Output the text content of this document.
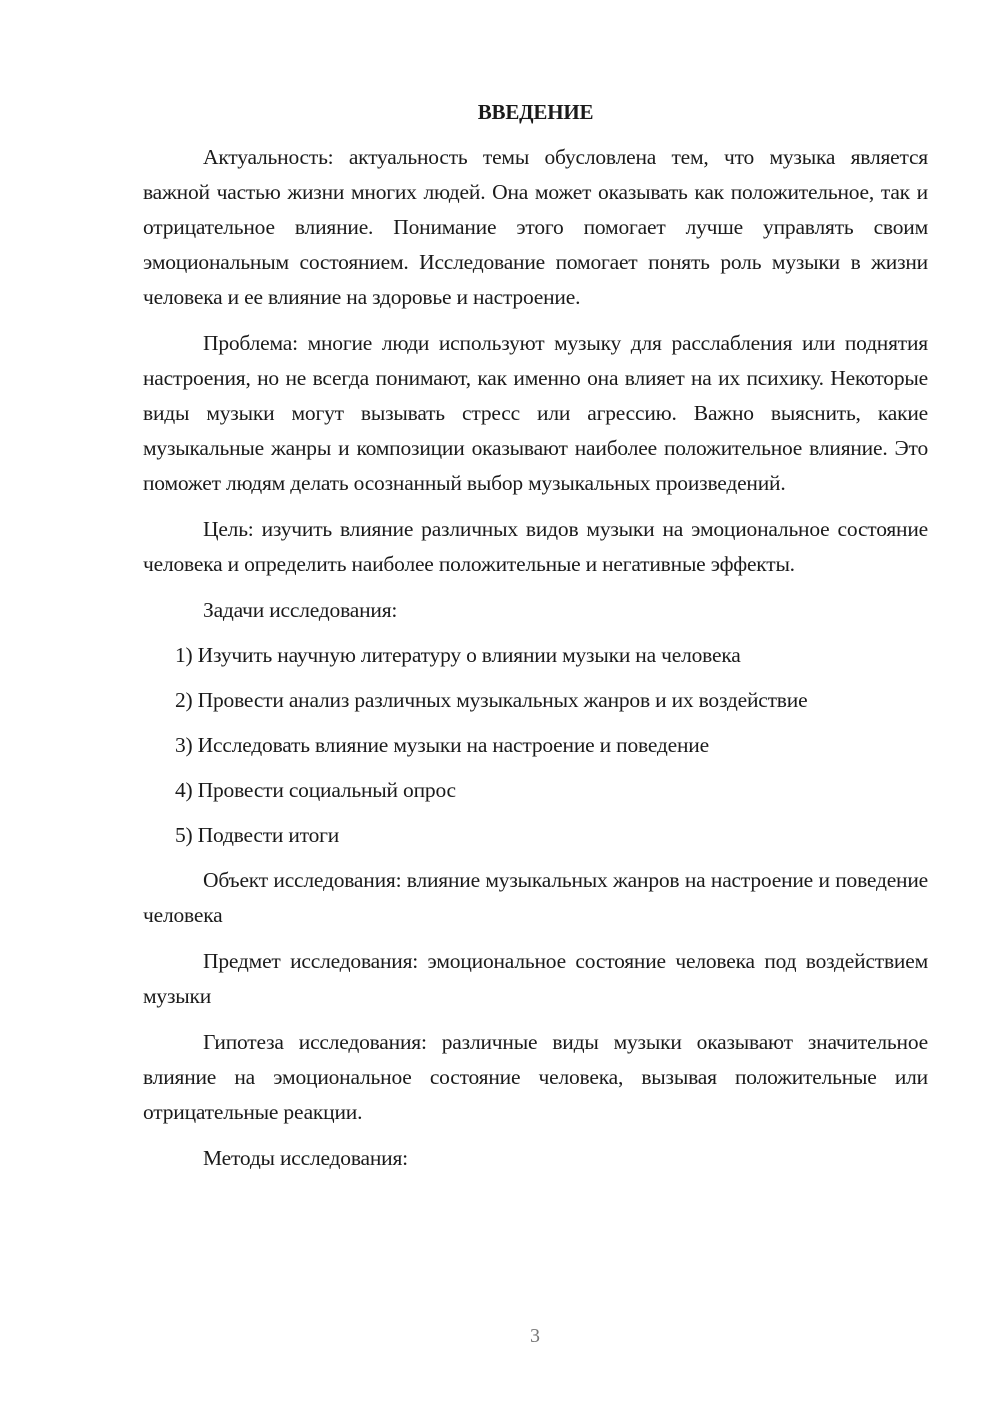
ВВЕДЕНИЕ

Актуальность: актуальность темы обусловлена тем, что музыка является важной частью жизни многих людей. Она может оказывать как положительное, так и отрицательное влияние. Понимание этого помогает лучше управлять своим эмоциональным состоянием. Исследование помогает понять роль музыки в жизни человека и ее влияние на здоровье и настроение.

Проблема: многие люди используют музыку для расслабления или поднятия настроения, но не всегда понимают, как именно она влияет на их психику. Некоторые виды музыки могут вызывать стресс или агрессию. Важно выяснить, какие музыкальные жанры и композиции оказывают наиболее положительное влияние. Это поможет людям делать осознанный выбор музыкальных произведений.

Цель: изучить влияние различных видов музыки на эмоциональное состояние человека и определить наиболее положительные и негативные эффекты.

Задачи исследования:

1) Изучить научную литературу о влиянии музыки на человека

2) Провести анализ различных музыкальных жанров и их воздействие

3) Исследовать влияние музыки на настроение и поведение

4) Провести социальный опрос

5) Подвести итоги

Объект исследования: влияние музыкальных жанров на настроение и поведение человека

Предмет исследования: эмоциональное состояние человека под воздействием музыки

Гипотеза исследования: различные виды музыки оказывают значительное влияние на эмоциональное состояние человека, вызывая положительные или отрицательные реакции.

Методы исследования:

3
